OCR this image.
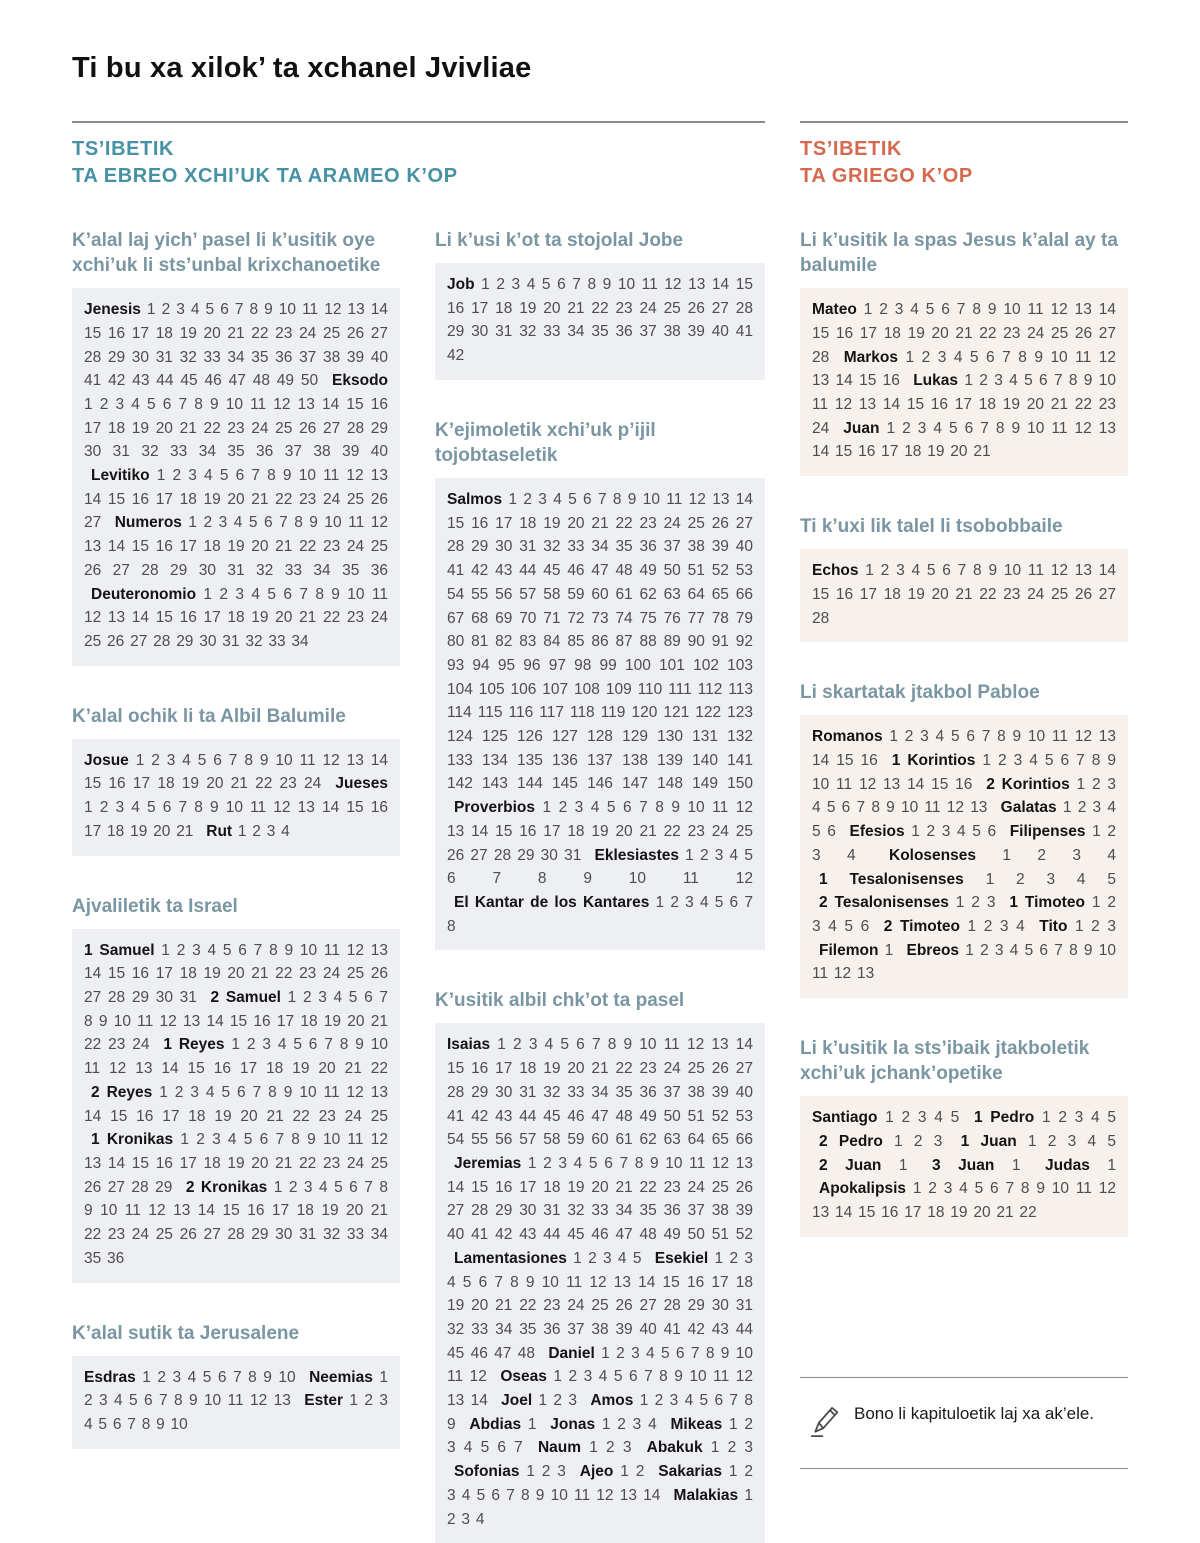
Ti bu xa xilok’ ta xchanel Jvivliae
TS’IBETIK
TA EBREO XCHI’UK TA ARAMEO K’OP
TS’IBETIK
TA GRIEGO K’OP
K’alal laj yich’ pasel li k’usitik oye xchi’uk li sts’unbal krixchanoetike
Jenesis 1 2 3 4 5 6 7 8 9 10 11 12 13 14 15 16 17 18 19 20 21 22 23 24 25 26 27 28 29 30 31 32 33 34 35 36 37 38 39 40 41 42 43 44 45 46 47 48 49 50 Eksodo 1 2 3 4 5 6 7 8 9 10 11 12 13 14 15 16 17 18 19 20 21 22 23 24 25 26 27 28 29 30 31 32 33 34 35 36 37 38 39 40 Levitiko 1 2 3 4 5 6 7 8 9 10 11 12 13 14 15 16 17 18 19 20 21 22 23 24 25 26 27 Numeros 1 2 3 4 5 6 7 8 9 10 11 12 13 14 15 16 17 18 19 20 21 22 23 24 25 26 27 28 29 30 31 32 33 34 35 36 Deuteronomio 1 2 3 4 5 6 7 8 9 10 11 12 13 14 15 16 17 18 19 20 21 22 23 24 25 26 27 28 29 30 31 32 33 34
K’alal ochik li ta Albil Balumile
Josue 1 2 3 4 5 6 7 8 9 10 11 12 13 14 15 16 17 18 19 20 21 22 23 24 Jueses 1 2 3 4 5 6 7 8 9 10 11 12 13 14 15 16 17 18 19 20 21 Rut 1 2 3 4
Ajvaliletik ta Israel
1 Samuel 1 2 3 4 5 6 7 8 9 10 11 12 13 14 15 16 17 18 19 20 21 22 23 24 25 26 27 28 29 30 31 2 Samuel 1 2 3 4 5 6 7 8 9 10 11 12 13 14 15 16 17 18 19 20 21 22 23 24 1 Reyes 1 2 3 4 5 6 7 8 9 10 11 12 13 14 15 16 17 18 19 20 21 22 2 Reyes 1 2 3 4 5 6 7 8 9 10 11 12 13 14 15 16 17 18 19 20 21 22 23 24 25 1 Kronikas 1 2 3 4 5 6 7 8 9 10 11 12 13 14 15 16 17 18 19 20 21 22 23 24 25 26 27 28 29 2 Kronikas 1 2 3 4 5 6 7 8 9 10 11 12 13 14 15 16 17 18 19 20 21 22 23 24 25 26 27 28 29 30 31 32 33 34 35 36
K’alal sutik ta Jerusalene
Esdras 1 2 3 4 5 6 7 8 9 10 Neemias 1 2 3 4 5 6 7 8 9 10 11 12 13 Ester 1 2 3 4 5 6 7 8 9 10
Li k’usi k’ot ta stojolal Jobe
Job 1 2 3 4 5 6 7 8 9 10 11 12 13 14 15 16 17 18 19 20 21 22 23 24 25 26 27 28 29 30 31 32 33 34 35 36 37 38 39 40 41 42
K’ejimoletik xchi’uk p’ijil tojobtaseletik
Salmos 1 2 3 4 5 6 7 8 9 10 11 12 13 14 15 16 17 18 19 20 21 22 23 24 25 26 27 28 29 30 31 32 33 34 35 36 37 38 39 40 41 42 43 44 45 46 47 48 49 50 51 52 53 54 55 56 57 58 59 60 61 62 63 64 65 66 67 68 69 70 71 72 73 74 75 76 77 78 79 80 81 82 83 84 85 86 87 88 89 90 91 92 93 94 95 96 97 98 99 100 101 102 103 104 105 106 107 108 109 110 111 112 113 114 115 116 117 118 119 120 121 122 123 124 125 126 127 128 129 130 131 132 133 134 135 136 137 138 139 140 141 142 143 144 145 146 147 148 149 150 Proverbios 1 2 3 4 5 6 7 8 9 10 11 12 13 14 15 16 17 18 19 20 21 22 23 24 25 26 27 28 29 30 31 Eklesiastes 1 2 3 4 5 6 7 8 9 10 11 12 El Kantar de los Kantares 1 2 3 4 5 6 7 8
K’usitik albil chk’ot ta pasel
Isaias 1 2 3 4 5 6 7 8 9 10 11 12 13 14 15 16 17 18 19 20 21 22 23 24 25 26 27 28 29 30 31 32 33 34 35 36 37 38 39 40 41 42 43 44 45 46 47 48 49 50 51 52 53 54 55 56 57 58 59 60 61 62 63 64 65 66 Jeremias 1 2 3 4 5 6 7 8 9 10 11 12 13 14 15 16 17 18 19 20 21 22 23 24 25 26 27 28 29 30 31 32 33 34 35 36 37 38 39 40 41 42 43 44 45 46 47 48 49 50 51 52 Lamentasiones 1 2 3 4 5 Esekiel 1 2 3 4 5 6 7 8 9 10 11 12 13 14 15 16 17 18 19 20 21 22 23 24 25 26 27 28 29 30 31 32 33 34 35 36 37 38 39 40 41 42 43 44 45 46 47 48 Daniel 1 2 3 4 5 6 7 8 9 10 11 12 Oseas 1 2 3 4 5 6 7 8 9 10 11 12 13 14 Joel 1 2 3 Amos 1 2 3 4 5 6 7 8 9 Abdias 1 Jonas 1 2 3 4 Mikeas 1 2 3 4 5 6 7 Naum 1 2 3 Abakuk 1 2 3 Sofonias 1 2 3 Ajeo 1 2 Sakarias 1 2 3 4 5 6 7 8 9 10 11 12 13 14 Malakias 1 2 3 4
Li k’usitik la spas Jesus k’alal ay ta balumile
Mateo 1 2 3 4 5 6 7 8 9 10 11 12 13 14 15 16 17 18 19 20 21 22 23 24 25 26 27 28 Markos 1 2 3 4 5 6 7 8 9 10 11 12 13 14 15 16 Lukas 1 2 3 4 5 6 7 8 9 10 11 12 13 14 15 16 17 18 19 20 21 22 23 24 Juan 1 2 3 4 5 6 7 8 9 10 11 12 13 14 15 16 17 18 19 20 21
Ti k’uxi lik talel li tsobobbaile
Echos 1 2 3 4 5 6 7 8 9 10 11 12 13 14 15 16 17 18 19 20 21 22 23 24 25 26 27 28
Li skartatak jtakbol Pabloe
Romanos 1 2 3 4 5 6 7 8 9 10 11 12 13 14 15 16 1 Korintios 1 2 3 4 5 6 7 8 9 10 11 12 13 14 15 16 2 Korintios 1 2 3 4 5 6 7 8 9 10 11 12 13 Galatas 1 2 3 4 5 6 Efesios 1 2 3 4 5 6 Filipenses 1 2 3 4 Kolosenses 1 2 3 4 1 Tesalonisenses 1 2 3 4 5 2 Tesalonisenses 1 2 3 1 Timoteo 1 2 3 4 5 6 2 Timoteo 1 2 3 4 Tito 1 2 3 Filemon 1 Ebreos 1 2 3 4 5 6 7 8 9 10 11 12 13
Li k’usitik la sts’ibaik jtakboletik xchi’uk jchank’opetike
Santiago 1 2 3 4 5 1 Pedro 1 2 3 4 5 2 Pedro 1 2 3 1 Juan 1 2 3 4 5 2 Juan 1 3 Juan 1 Judas 1 Apokalipsis 1 2 3 4 5 6 7 8 9 10 11 12 13 14 15 16 17 18 19 20 21 22
Bono li kapituloetik laj xa ak’ele.
